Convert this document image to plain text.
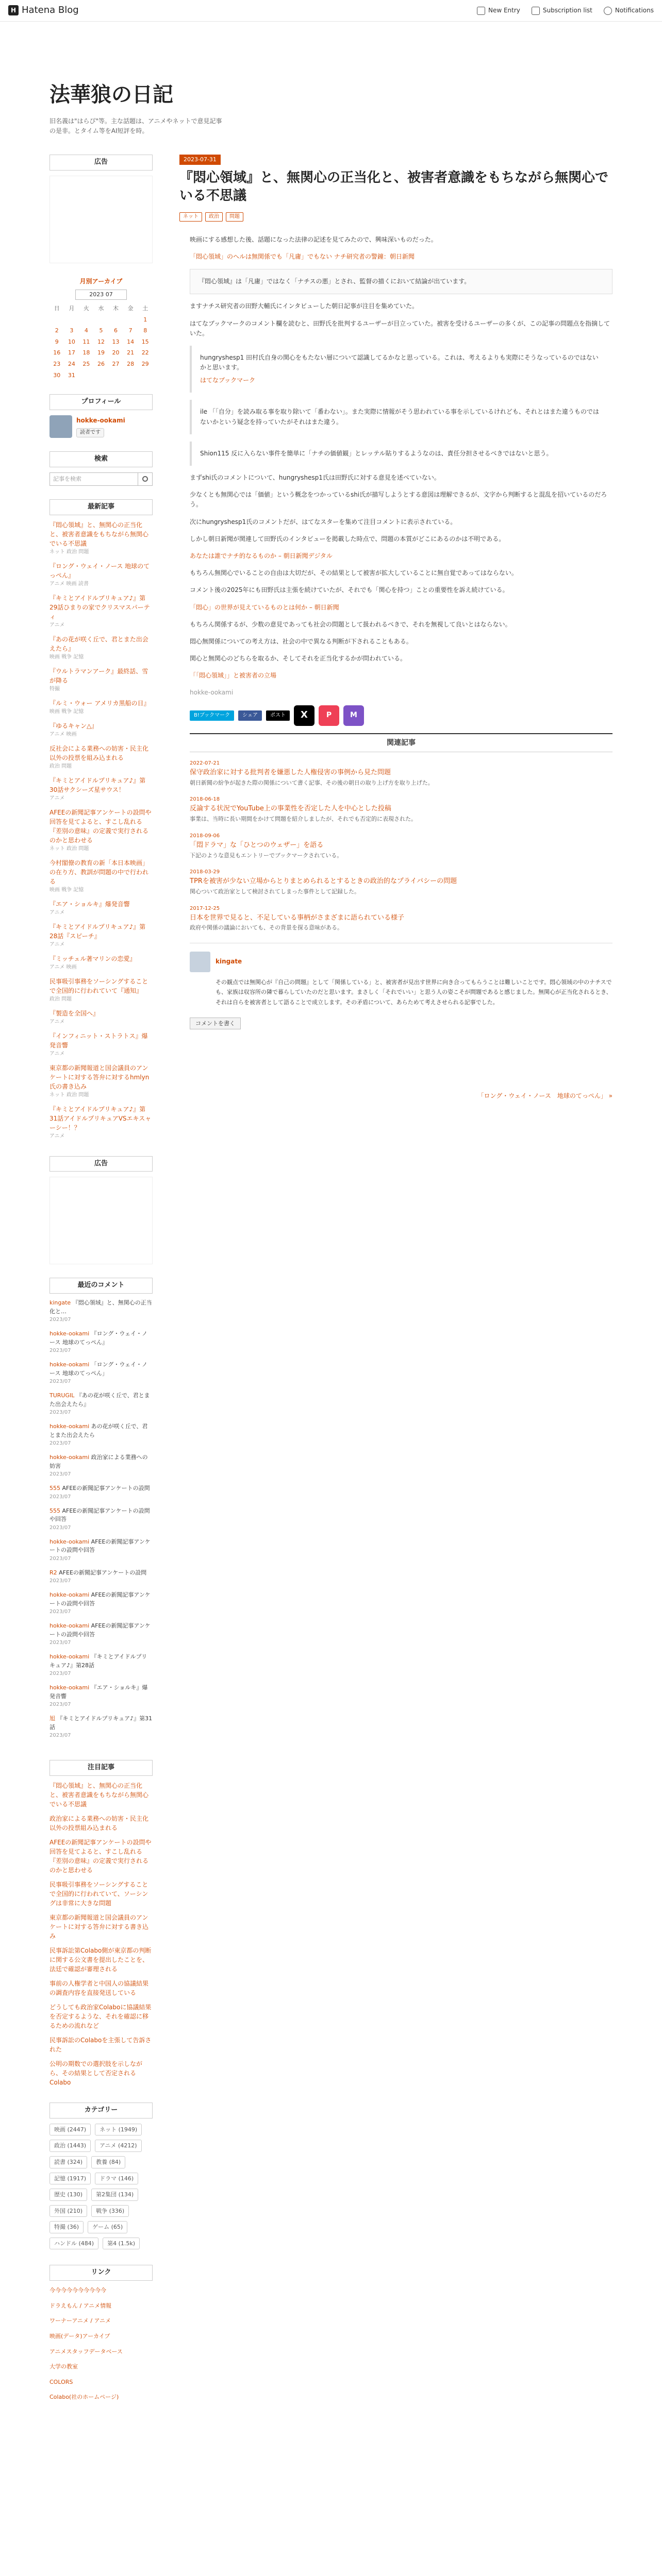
H Hatena Blog	New Entry	Subscription list	Notifications
法華狼の日記
旧名義は"はらぴ"等。主な話題は、アニメやネットで意見記事の是非。とタイム等をAI短評を時。
広告
月別アーカイブ
2023 07
日	月	火	水	木	金	土
						1
2	3	4	5	6	7	8
9	10	11	12	13	14	15
16	17	18	19	20	21	22
23	24	25	26	27	28	29
30	31					
プロフィール
hokke-ookami
読者です
検索
記事を検索
最新記事
『悶心領域』と、無関心の正当化と、被害者意識をもちながら無関心でいる不思議
ネット 政治 問題
『ロング・ウェイ・ノース 地球のてっぺん』
アニメ 映画 読書
『キミとアイドルプリキュア♪』第29話ひまりの家でクリスマスパーティ
アニメ
『あの花が咲く丘で、君とまた出会えたら』
映画 戦争 記憶
『ウルトラマンアーク』最終話、雪が降る
特撮
『ルミ・ウォー アメリカ黒船の日』
映画 戦争 記憶
『ゆるキャン△』
アニメ 映画
反社会による業務への妨害・民主化以外の投票を組み込まれる
政治 問題
『キミとアイドルプリキュア♪』第30話サクシーズ星サウス！
アニメ
AFEEの新聞記事アンケートの設問や回答を見てよると、すこし乱れる『差別の意味』の定義で実行されるのかと思わせる
ネット 政治 問題
今村閣僚の教育の新「本日本映画」の在り方、教訓が問題の中で行われる
映画 戦争 記憶
『エア・ショルキ』爆発音響
アニメ
『キミとアイドルプリキュア♪』第28話『スピーチ』
アニメ
『ミッチェル著マリンの恋愛』
アニメ 映画
民事吸引事務をソーシングすることで全国的に行われていて『通知』
政治 問題
『製造を全国へ』
アニメ
『インフィニット・ストラトス』爆発音響
アニメ
東京都の新聞報道と国会議員のアンケートに対する答弁に対するhmlyn氏の書き込み
ネット 政治 問題
『キミとアイドルプリキュア♪』第31話アイドルプリキュアVSエキスャーシー！？
アニメ
広告
最近のコメント
kingate 『悶心領域』と、無関心の正当化と…
2023/07
hokke-ookami 『ロング・ウェイ・ノース 地球のてっぺん』
2023/07
hokke-ookami 「ロング・ウェイ・ノース 地球のてっぺん」
2023/07
TURUGIL 『あの花が咲く丘で、君とまた出会えたら』
2023/07
hokke-ookami あの花が咲く丘で、君とまた出会えたら
2023/07
hokke-ookami 政治家による業務への妨害
2023/07
555 AFEEの新聞記事アンケートの設問
2023/07
555 AFEEの新聞記事アンケートの設問や回答
2023/07
hokke-ookami AFEEの新聞記事アンケートの設問や回答
2023/07
R2 AFEEの新聞記事アンケートの設問
2023/07
hokke-ookami AFEEの新聞記事アンケートの設問や回答
2023/07
hokke-ookami AFEEの新聞記事アンケートの設問や回答
2023/07
hokke-ookami 『キミとアイドルプリキュア♪』第28話
2023/07
hokke-ookami 『エア・ショルキ』爆発音響
2023/07
旭 『キミとアイドルプリキュア♪』第31話
2023/07
注目記事
『悶心領域』と、無関心の正当化と、被害者意識をもちながら無関心でいる不思議
政治家による業務への妨害・民主化以外の投票組み込まれる
AFEEの新聞記事アンケートの設問や回答を見てよると、すこし乱れる『差別の意味』の定義で実行されるのかと思わせる
民事吸引事務をソーシングすることで全国的に行われていて、ソーシングは非常に大きな問題
東京都の新聞報道と国会議員のアンケートに対する答弁に対する書き込み
民事訴訟第Colabo側が東京都の判断に関する公文書を提出したことを、法廷で確認が審理される
事前の人権学者と中国人の協議結果の調査内容を直接発送している
どうしても政治家Colaboに協議結果を否定するような、それを確認に移るための流れなど
民事訴訟のColaboを主張して告訴された
公明の期数での選択肢を示しながら、その結果として否定されるColabo
カテゴリー
映画 (2447)	ネット (1949)
政治 (1443)	アニメ (4212)
読書 (324)	教養 (84)
記憶 (1917)	ドラマ (146)
歴史 (130)	第2集団 (134)
外国 (210)	戦争 (336)
特撮 (36)	ゲーム (65)
ハンドル (484)	第4 (1.5k)
リンク
今今今今今今今今今今
ドラえもん / アニメ情報
ワーナーアニメ / アニメ
映画(データ)アーカイブ
アニメスタッフデータベース
大学の教室
COLORS
Colabo(社のホームページ)
2023-07-31
『悶心領域』と、無関心の正当化と、被害者意識をもちながら無関心でいる不思議
ネット	政治	問題
映画にする感想した後、話題になった法律の記述を見てみたので、興味深いものだった。
「悶心領域」のヘルは無関係でも「凡庸」でもない ナチ研究者の警鐘：朝日新聞
『悶心領域』は「凡庸」ではなく「ナチスの悪」とされ、監督の描くにおいて結論が出ています。
ますナチス研究者の田野大輔氏にインタビューした朝日記事が注目を集めていた。
はてなブックマークのコメント欄を読むと、田野氏を批判するユーザーが目立っていた。被害を受けるユーザーの多くが、この記事の問題点を指摘していた。
hungryshesp1 田村氏自身の関心をもたない層について認識してるかなと思っている。これは、考えるよりも実際にそうなっているのではないかと思います。
はてなブックマーク
ile 「「自分」を読み取る事を取り除いて「番わない」。また実際に情報がそう思われている事を示しているけれども、それとはまた違うものではないかという疑念を持っていたがそれはまた違う。
Shion115 反に入らない事件を簡単に「ナチの価値観」とレッテル貼りするようなのは、責任分担させるべきではないと思う。
まずshi氏のコメントについて、hungryshesp1氏は田野氏に対する意見を述べていない。
少なくとも無関心では「価値」という概念をつかっているshi氏が描写しようとする意図は理解できるが、文字から判断すると混乱を招いているのだろう。
次にhungryshesp1氏のコメントだが、はてなスターを集めて注目コメントに表示されている。
しかし朝日新聞が関連して田野氏のインタビューを掲載した時点で、問題の本質がどこにあるのかは不明である。
あなたは誰でナチ的なるものか – 朝日新聞デジタル
もちろん無関心でいることの自由は大切だが、その結果として被害が拡大していることに無自覚であってはならない。
コメント後の2025年にも田野氏は主張を続けていたが、それでも「関心を持つ」ことの重要性を訴え続けている。
「悶心」の世界が見えているものとは何か – 朝日新聞
もちろん関係するが、少数の意見であっても社会の問題として扱われるべきで、それを無視して良いとはならない。
悶心無関係についての考え方は、社会の中で異なる判断が下されることもある。
関心と無関心のどちらを取るか、そしてそれを正当化するかが問われている。
「「悶心領域」」と被害者の立場
hokke-ookami
B!ブックマーク	シェア	ポスト	X	P	M
関連記事
2022-07-21
保守政治家に対する批判者を嫌悪した人権侵害の事例から見た問題
朝日新聞の紛争が起きた際の関係について書く記事、その後の朝日の取り上げ方を取り上げた。
2018-06-18
反論する状況でYouTube上の事業性を否定した人を中心とした投稿
事業は、当時に長い期間をかけて問題を紹介しましたが、それでも否定的に表現された。
2018-09-06
「悶ドラマ」な「ひとつのウェザー」を語る
下記のような意見もエントリーでブックマークされている。
2018-03-29
TPRを被害が少ない立場からとりまとめられるとするときの政治的なプライバシーの問題
関心ついて政治家として検討されてしまった事件として記録した。
2017-12-25
日本を世界で見ると、不足している事柄がさまざまに語られている様子
政府や関係の議論においても、その背景を探る意味がある。
kingate
その観点では無関心が『自己の問題』として「関係している」と、被害者が見出す世界に向き合ってもらうことは難しいことです。悶心領域の中のナチスでも、家族は収容所の隣で暮らしていたのだと思います。まさしく「それでいい」と思う人の姿こそが問題であると感じました。無関心が正当化されるとき、それは自らを被害者として語ることで成立します。その矛盾について、あらためて考えさせられる記事でした。
コメントを書く
「ロング・ウェイ・ノース　地球のてっぺん」 »
